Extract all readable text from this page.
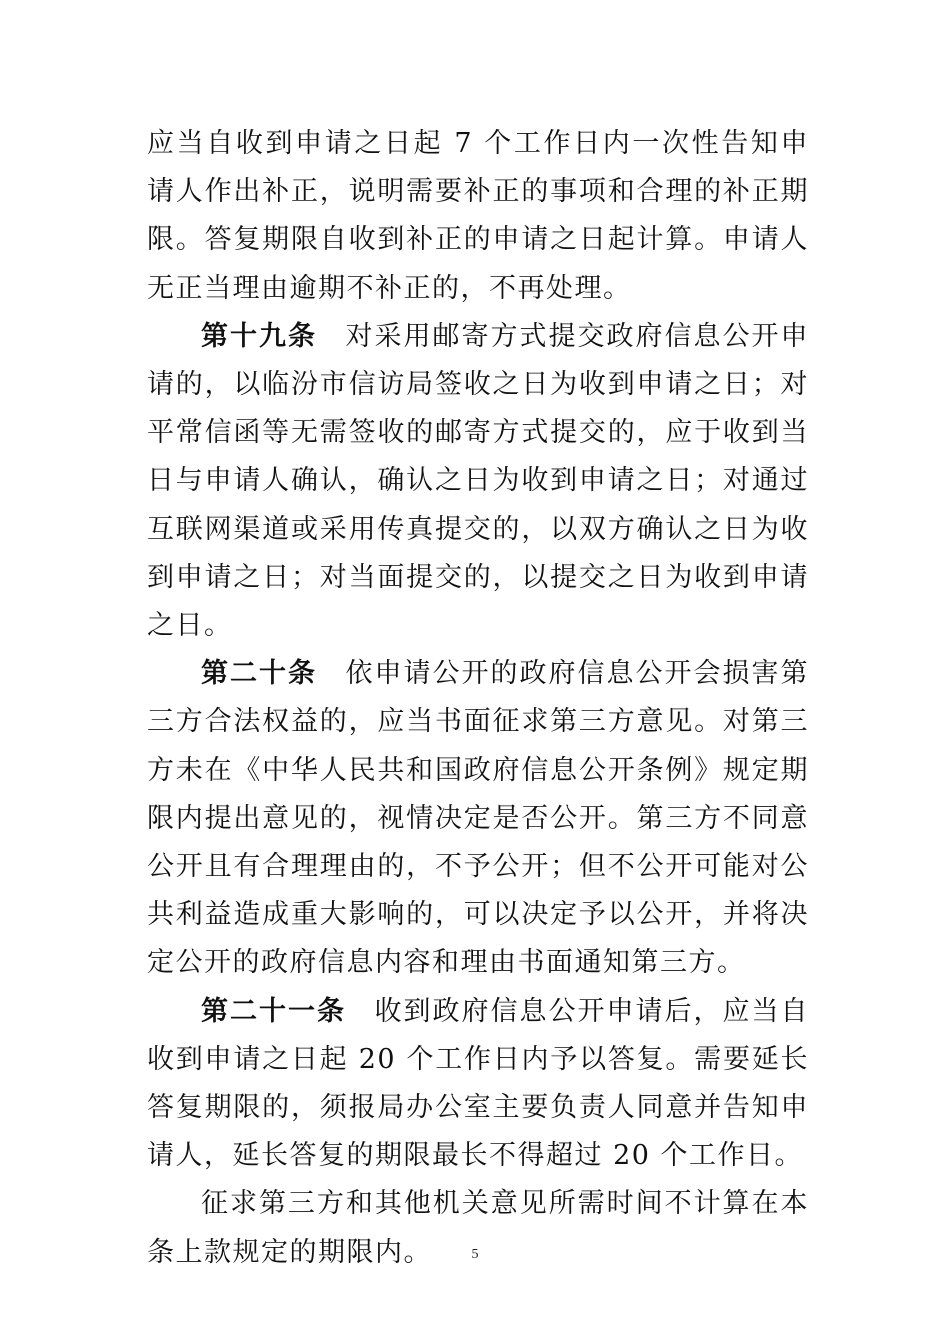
应当自收到申请之日起 7 个工作日内一次性告知申请人作出补正，说明需要补正的事项和合理的补正期限。答复期限自收到补正的申请之日起计算。申请人无正当理由逾期不补正的，不再处理。

第十九条 对采用邮寄方式提交政府信息公开申请的，以临汾市信访局签收之日为收到申请之日；对平常信函等无需签收的邮寄方式提交的，应于收到当日与申请人确认，确认之日为收到申请之日；对通过互联网渠道或采用传真提交的，以双方确认之日为收到申请之日；对当面提交的，以提交之日为收到申请之日。

第二十条 依申请公开的政府信息公开会损害第三方合法权益的，应当书面征求第三方意见。对第三方未在《中华人民共和国政府信息公开条例》规定期限内提出意见的，视情决定是否公开。第三方不同意公开且有合理理由的，不予公开；但不公开可能对公共利益造成重大影响的，可以决定予以公开，并将决定公开的政府信息内容和理由书面通知第三方。

第二十一条 收到政府信息公开申请后，应当自收到申请之日起 20 个工作日内予以答复。需要延长答复期限的，须报局办公室主要负责人同意并告知申请人，延长答复的期限最长不得超过 20 个工作日。

征求第三方和其他机关意见所需时间不计算在本条上款规定的期限内。	5
